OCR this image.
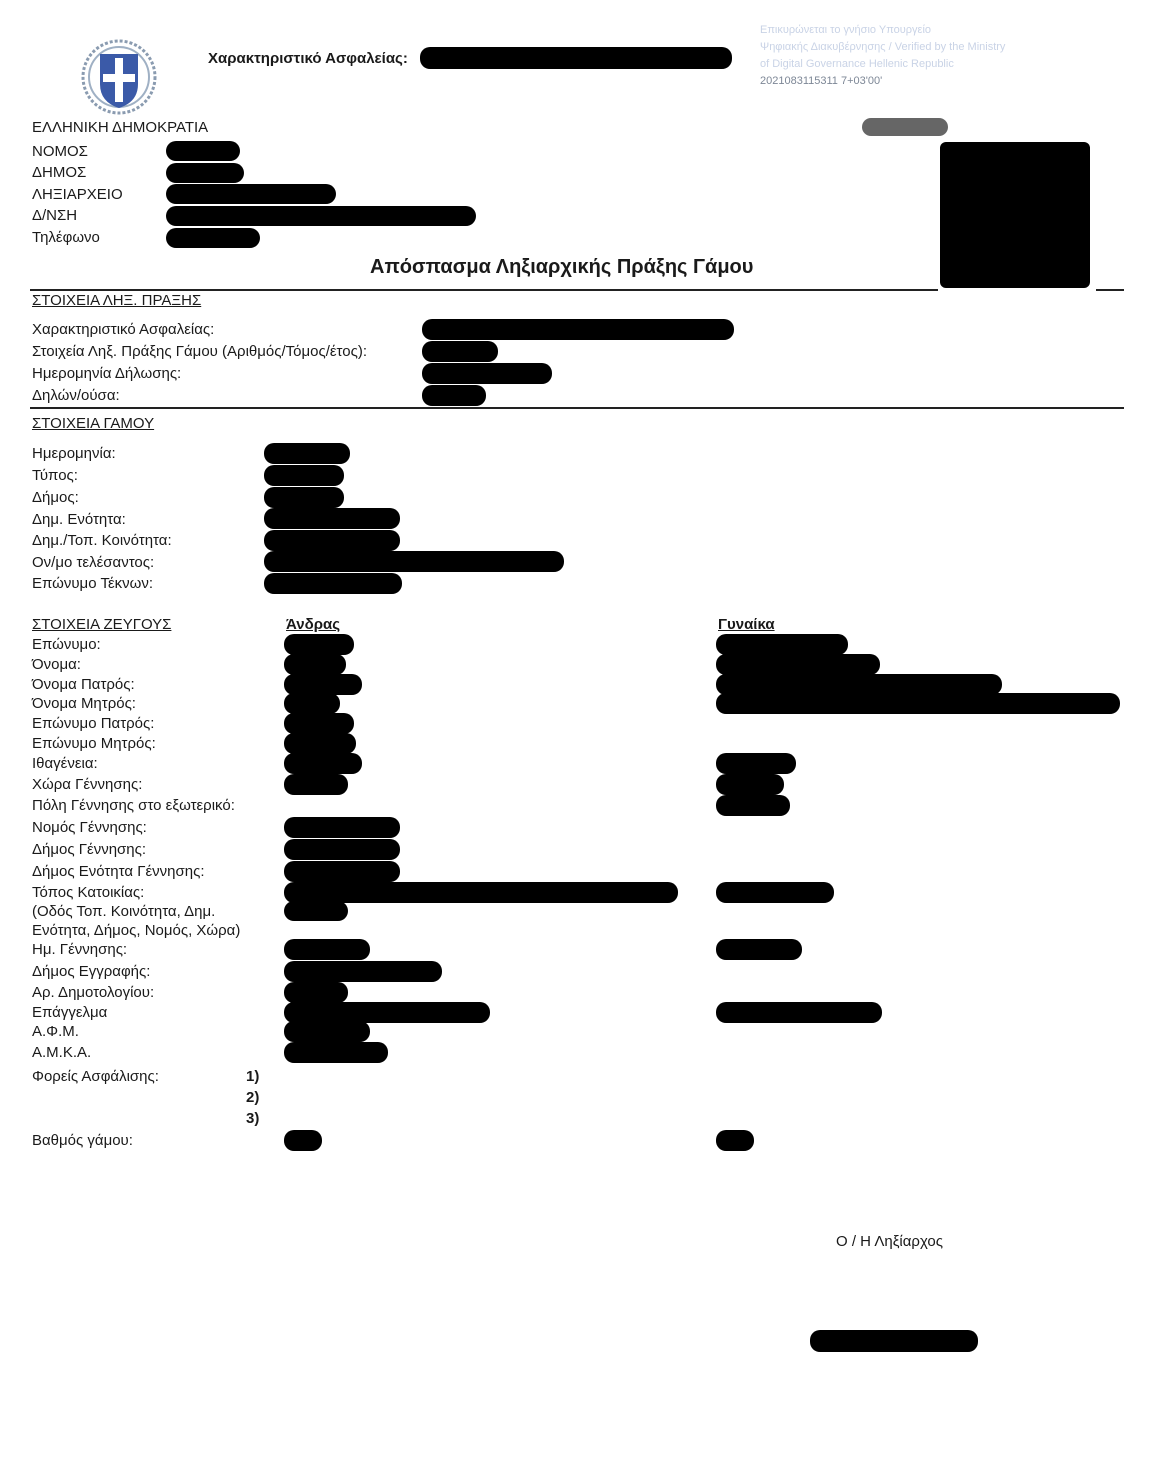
Χαρακτηριστικό Ασφαλείας:
Επικυρώνεται το γνήσιο Υπουργείο
Ψηφιακής Διακυβέρνησης / Verified by the Ministry
of Digital Governance Hellenic Republic
2021083115311 7+03'00'
ΕΛΛΗΝΙΚΗ ΔΗΜΟΚΡΑΤΙΑ
ΝΟΜΟΣ
ΔΗΜΟΣ
ΛΗΞΙΑΡΧΕΙΟ
Δ/ΝΣΗ
Τηλέφωνο
Απόσπασμα Ληξιαρχικής Πράξης Γάμου
ΣΤΟΙΧΕΙΑ ΛΗΞ. ΠΡΑΞΗΣ
Χαρακτηριστικό Ασφαλείας:
Στοιχεία Ληξ. Πράξης Γάμου (Αριθμός/Τόμος/έτος):
Ημερομηνία Δήλωσης:
Δηλών/ούσα:
ΣΤΟΙΧΕΙΑ ΓΑΜΟΥ
Ημερομηνία:
Τύπος:
Δήμος:
Δημ. Ενότητα:
Δημ./Τοπ. Κοινότητα:
Ον/μο τελέσαντος:
Επώνυμο Τέκνων:
ΣΤΟΙΧΕΙΑ ΖΕΥΓΟΥΣ	Άνδρας	Γυναίκα
Επώνυμο:
Όνομα:
Όνομα Πατρός:
Όνομα Μητρός:
Επώνυμο Πατρός:
Επώνυμο Μητρός:
Ιθαγένεια:
Χώρα Γέννησης:
Πόλη Γέννησης στο εξωτερικό:
Νομός Γέννησης:
Δήμος Γέννησης:
Δήμος Ενότητα Γέννησης:
Τόπος Κατοικίας:
(Οδός Τοπ. Κοινότητα, Δημ.
Ενότητα, Δήμος, Νομός, Χώρα)
Ημ. Γέννησης:
Δήμος Εγγραφής:
Αρ. Δημοτολογίου:
Επάγγελμα
Α.Φ.Μ.
Α.Μ.Κ.Α.
Φορείς Ασφάλισης:	1)
2)
3)
Βαθμός γάμου:
Ο / Η Ληξίαρχος
